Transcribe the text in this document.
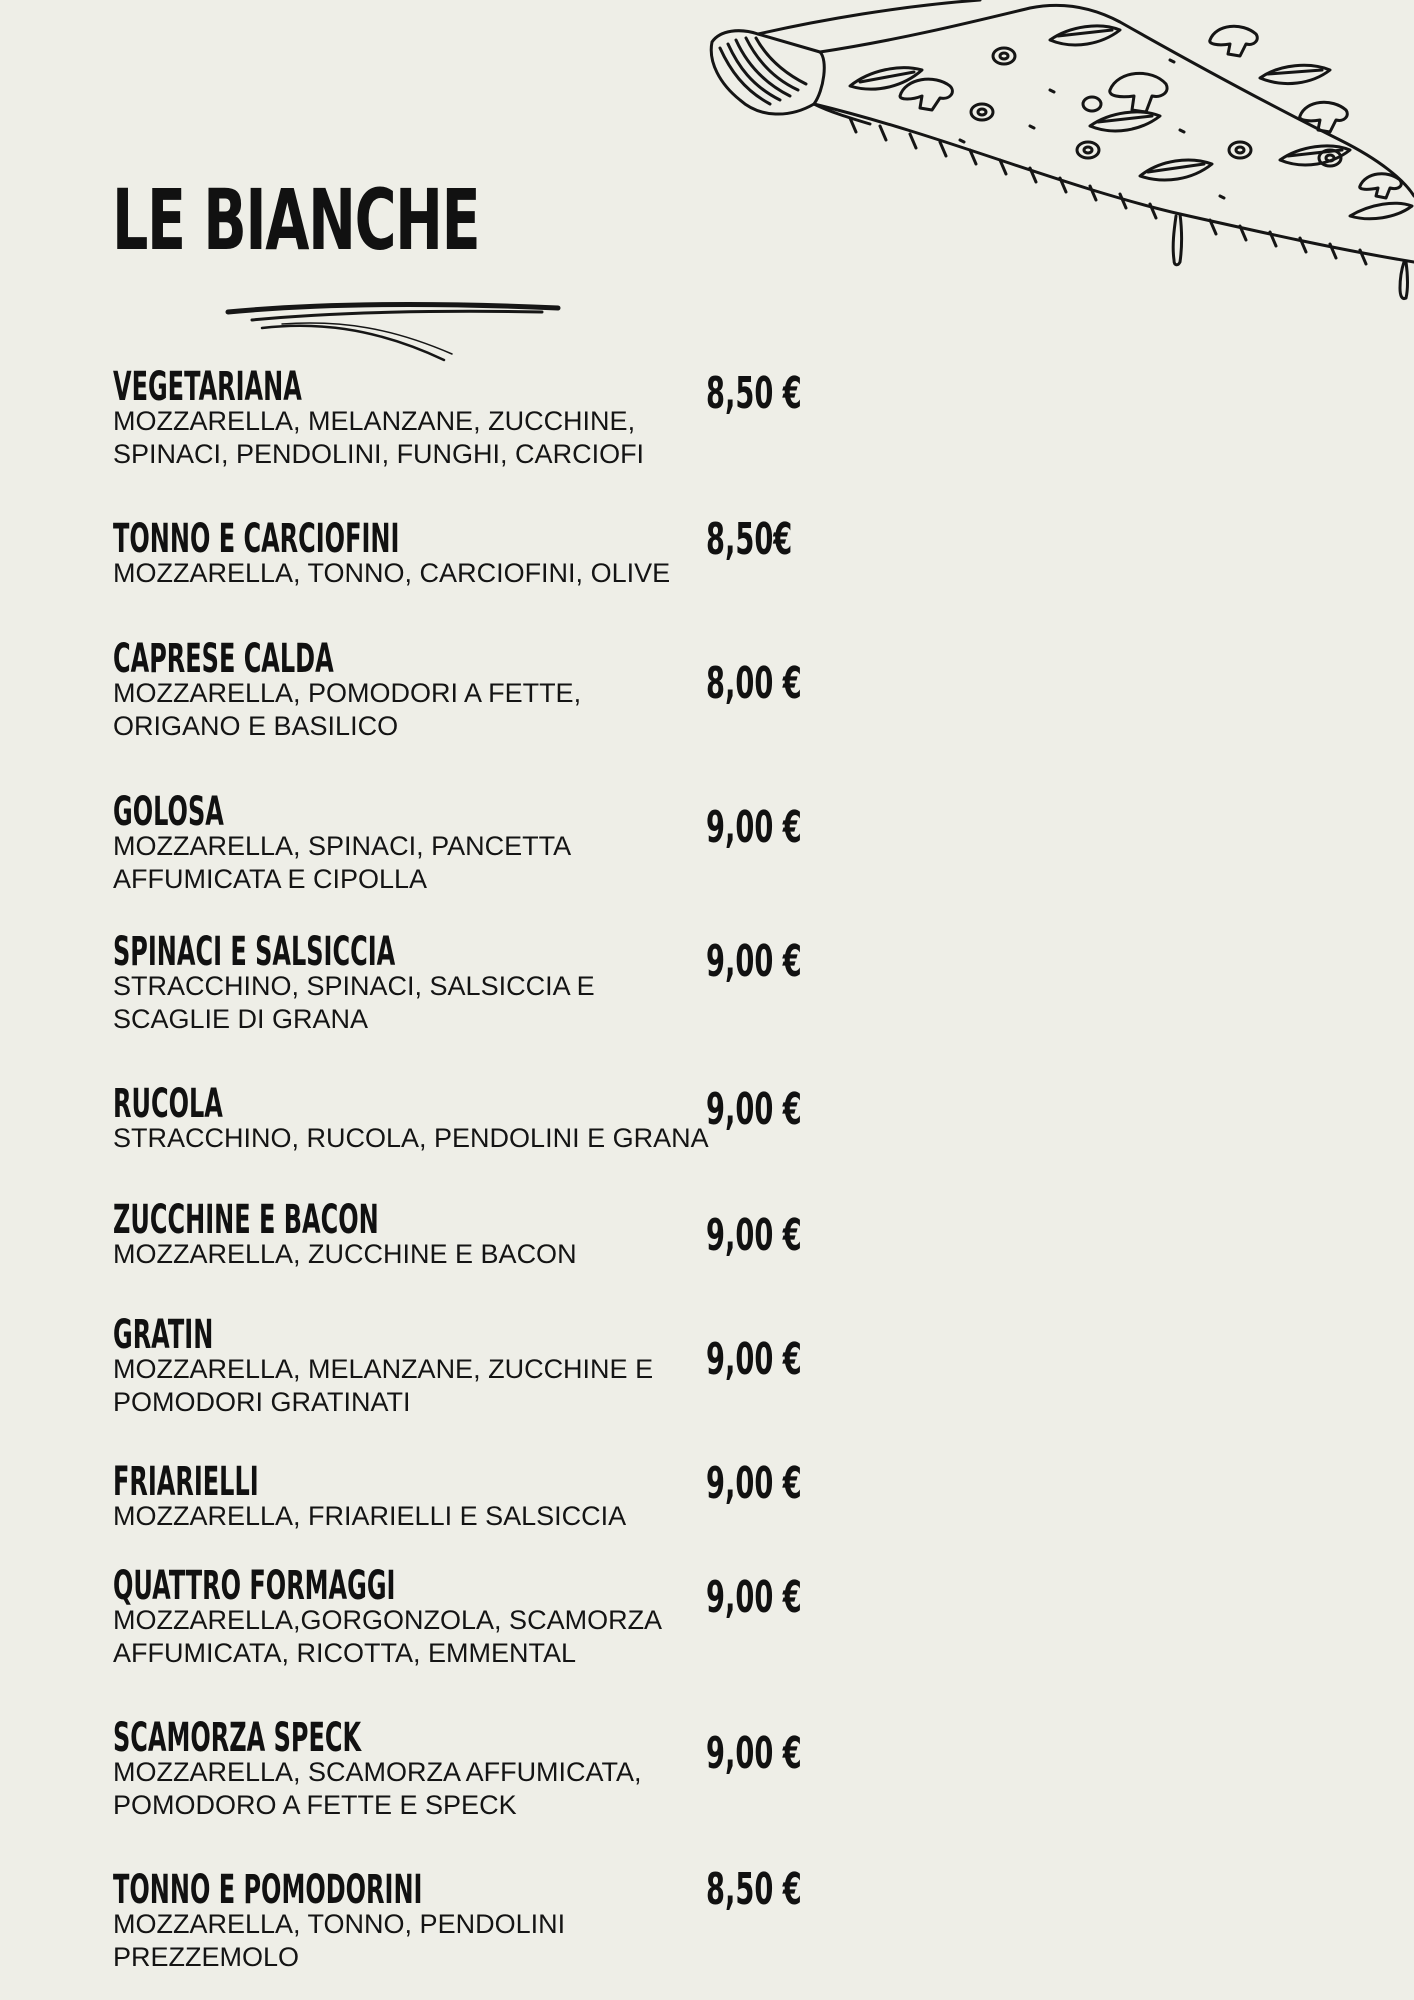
LE BIANCHE
VEGETARIANA
MOZZARELLA, MELANZANE, ZUCCHINE,
SPINACI, PENDOLINI, FUNGHI, CARCIOFI
8,50 €
TONNO E CARCIOFINI
MOZZARELLA, TONNO, CARCIOFINI, OLIVE
8,50€
CAPRESE CALDA
MOZZARELLA, POMODORI A FETTE,
ORIGANO E BASILICO
8,00 €
GOLOSA
MOZZARELLA, SPINACI, PANCETTA
AFFUMICATA E CIPOLLA
9,00 €
SPINACI E SALSICCIA
STRACCHINO, SPINACI, SALSICCIA E
SCAGLIE DI GRANA
9,00 €
RUCOLA
STRACCHINO, RUCOLA, PENDOLINI E GRANA
9,00 €
ZUCCHINE E BACON
MOZZARELLA, ZUCCHINE E BACON	9,00 €
GRATIN
MOZZARELLA, MELANZANE, ZUCCHINE E
POMODORI GRATINATI
9,00 €
FRIARIELLI
MOZZARELLA, FRIARIELLI E SALSICCIA
9,00 €
QUATTRO FORMAGGI
MOZZARELLA,GORGONZOLA, SCAMORZA
AFFUMICATA, RICOTTA, EMMENTAL
9,00 €
SCAMORZA SPECK
MOZZARELLA, SCAMORZA AFFUMICATA,
POMODORO A FETTE E SPECK
9,00 €
TONNO E POMODORINI
MOZZARELLA, TONNO, PENDOLINI
PREZZEMOLO
8,50 €
